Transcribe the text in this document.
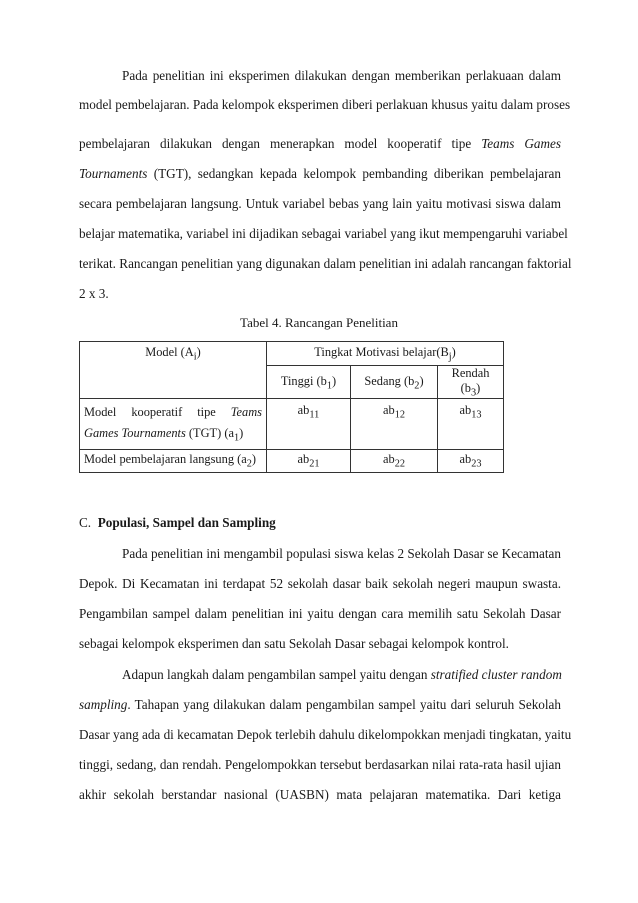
Pada penelitian ini eksperimen dilakukan dengan memberikan perlakuaan dalam
model pembelajaran. Pada kelompok eksperimen diberi perlakuan khusus yaitu dalam proses
pembelajaran dilakukan dengan menerapkan model kooperatif tipe Teams Games
Tournaments (TGT), sedangkan kepada kelompok pembanding diberikan pembelajaran
secara pembelajaran langsung. Untuk variabel bebas yang lain yaitu motivasi siswa dalam
belajar matematika, variabel ini dijadikan sebagai variabel yang ikut mempengaruhi variabel
terikat. Rancangan penelitian yang digunakan dalam penelitian ini adalah rancangan faktorial
2 x 3.
Tabel 4. Rancangan Penelitian
Model $(A_i)$	Tingkat Motivasi $belajar(B_j)$		
	Tinggi $(b_1)$	Sedang $(b_2)$	Rendah $(b_3)$

Model kooperatif tipe Teams
Games Tournaments (TGT) $(a_1)$	$ab_{11}$	$ab_{12}$	$ab_{13}$
Model pembelajaran langsung $(a_2)$	$ab_{21}$	$ab_{22}$	$ab_{23}$
C. Populasi, Sampel dan Sampling
Pada penelitian ini mengambil populasi siswa kelas 2 Sekolah Dasar se Kecamatan
Depok. Di Kecamatan ini terdapat 52 sekolah dasar baik sekolah negeri maupun swasta.
Pengambilan sampel dalam penelitian ini yaitu dengan cara memilih satu Sekolah Dasar
sebagai kelompok eksperimen dan satu Sekolah Dasar sebagai kelompok kontrol.
Adapun langkah dalam pengambilan sampel yaitu dengan stratified cluster random
sampling. Tahapan yang dilakukan dalam pengambilan sampel yaitu dari seluruh Sekolah
Dasar yang ada di kecamatan Depok terlebih dahulu dikelompokkan menjadi tingkatan, yaitu
tinggi, sedang, dan rendah. Pengelompokkan tersebut berdasarkan nilai rata-rata hasil ujian
akhir sekolah berstandar nasional (UASBN) mata pelajaran matematika. Dari ketiga
